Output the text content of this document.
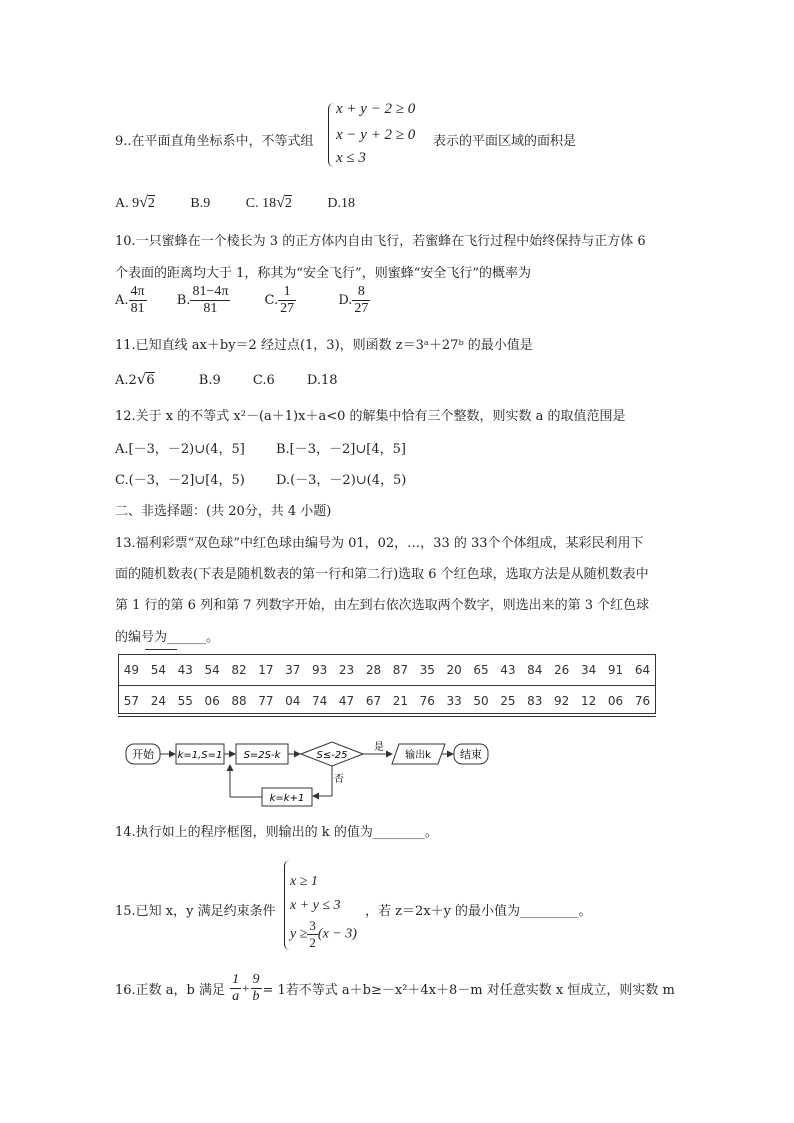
x + y − 2 ≥ 0
x − y + 2 ≥ 0
x ≤ 3
9..在平面直角坐标系中，不等式组	表示的平面区域的面积是
A. 9√2	B.9	C. 18√2	D.18
10.一只蜜蜂在一个棱长为 3 的正方体内自由飞行，若蜜蜂在飞行过程中始终保持与正方体 6
个表面的距离均大于 1，称其为“安全飞行”，则蜜蜂“安全飞行”的概率为
A. $\frac{4\pi}{81} B$. $\frac{81-4\pi}{81}$	C. $\frac{1}{27}$	D. $\frac{8}{27}$
11.已知直线 ax＋by＝2 经过点(1，3)，则函数 z＝3ᵃ＋27ᵇ 的最小值是
A.2√6	B.9 C.6 D.18
12.关于 x 的不等式 x²－(a＋1)x＋a<0 的解集中恰有三个整数，则实数 a 的取值范围是
A.[－3，－2)∪(4，5] B.[－3，－2]∪[4，5]
C.(－3，－2]∪[4，5) D.(－3，－2)∪(4，5)
二、非选择题：(共 20分，共 4 小题)
13.福利彩票“双色球”中红色球由编号为 01，02，…，33 的 33个个体组成，某彩民利用下
面的随机数表(下表是随机数表的第一行和第二行)选取 6 个红色球，选取方法是从随机数表中
第 1 行的第 6 列和第 7 列数字开始，由左到右依次选取两个数字，则选出来的第 3 个红色球
的编号为______。
49	54	43	54	82	17	37	93	23	28	87	35	20	65	43	84	26	34	91	64
57	24	55	06	88	77	04	74	47	67	21	76	33	50	25	83	92	12	06	76
开始 k=1,S=1 S=2S-k	S≤-25
是
输出k	结束
否
k=k+1
14.执行如上的程序框图，则输出的 k 的值为________。
x ≥ 1
x + y ≤ 3
$y \ge \frac{3}{2} (x - 3)$
15.已知 x，y 满足约束条件	，若 z＝2x＋y 的最小值为_________。
16.正数 a，b 满足 $\frac{1}{a} + \frac{9}{b} = 1$若不等式 a＋b≥－x²＋4x＋8－m 对任意实数 x 恒成立，则实数 m
